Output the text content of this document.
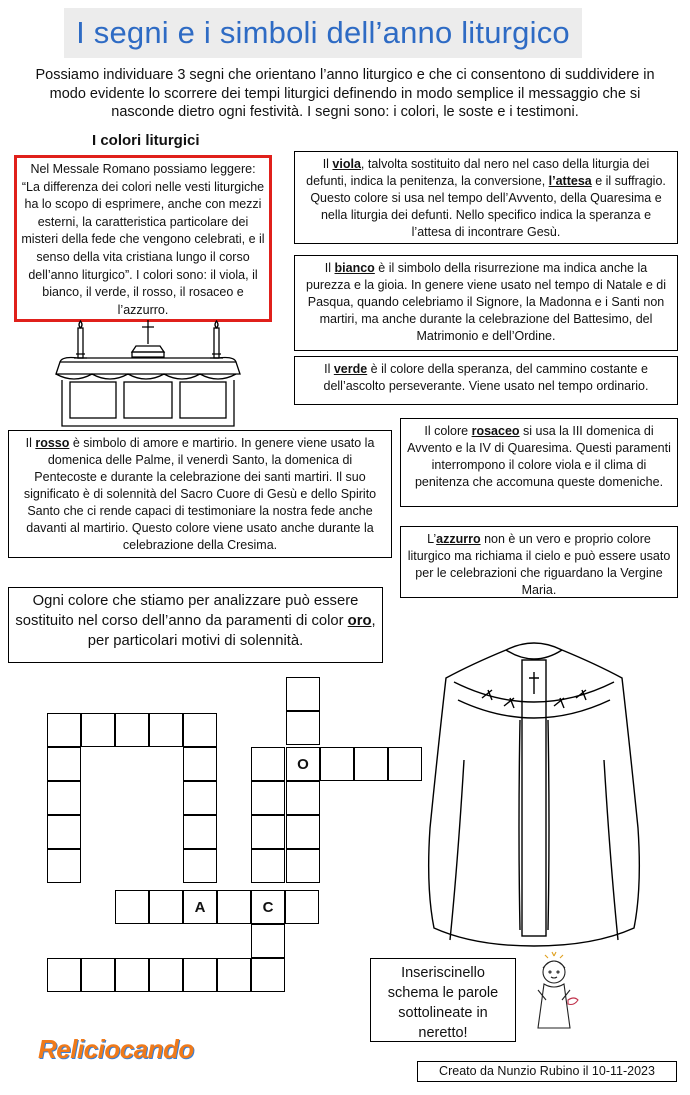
I segni e i simboli dell’anno liturgico
Possiamo individuare 3 segni che orientano l’anno liturgico e che ci consentono di suddividere in modo evidente lo scorrere dei tempi liturgici definendo in modo semplice il messaggio che si nasconde dietro ogni festività. I segni sono: i colori, le soste e i testimoni.
I colori liturgici
Nel Messale Romano possiamo leggere: “La differenza dei colori nelle vesti liturgiche ha lo scopo di esprimere, anche con mezzi esterni, la caratteristica particolare dei misteri della fede che vengono celebrati, e il senso della vita cristiana lungo il corso dell’anno liturgico”. I colori sono: il viola, il bianco, il verde, il rosso, il rosaceo e l’azzurro.
Il viola, talvolta sostituito dal nero nel caso della liturgia dei defunti, indica la penitenza, la conversione, l’attesa e il suffragio. Questo colore si usa nel tempo dell’Avvento, della Quaresima e nella liturgia dei defunti. Nello specifico indica la speranza e l’attesa di incontrare Gesù.
Il bianco è il simbolo della risurrezione ma indica anche la purezza e la gioia. In genere viene usato nel tempo di Natale e di Pasqua, quando celebriamo il Signore, la Madonna e i Santi non martiri, ma anche durante la celebrazione del Battesimo, del Matrimonio e dell’Ordine.
Il verde è il colore della speranza, del cammino costante e dell’ascolto perseverante. Viene usato nel tempo ordinario.
Il colore rosaceo si usa la III domenica di Avvento e la IV di Quaresima. Questi paramenti interrompono il colore viola e il clima di penitenza che accomuna queste domeniche.
Il rosso è simbolo di amore e martirio. In genere viene usato la domenica delle Palme, il venerdì Santo, la domenica di Pentecoste e durante la celebrazione dei santi martiri. Il suo significato è di solennità del Sacro Cuore di Gesù e dello Spirito Santo che ci rende capaci di testimoniare la nostra fede anche davanti al martirio. Questo colore viene usato anche durante la celebrazione della Cresima.	L’azzurro non è un vero e proprio colore liturgico ma richiama il cielo e può essere usato per le celebrazioni che riguardano la Vergine Maria.
Ogni colore che stiamo per analizzare può essere sostituito nel corso dell’anno da paramenti di color oro, per particolari motivi di solennità.
O
A	C
Inseriscinello schema le parole sottolineate in neretto!
Reliciocando
Creato da Nunzio Rubino il 10-11-2023
